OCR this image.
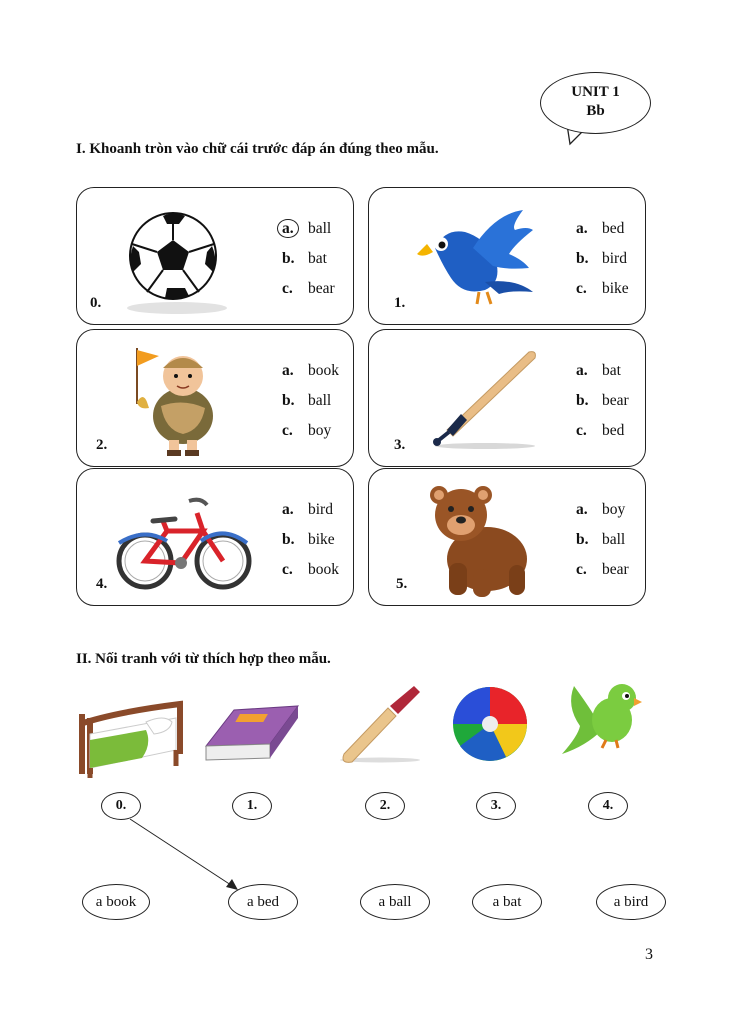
UNIT 1
Bb
I. Khoanh tròn vào chữ cái trước đáp án đúng theo mẫu.
a. ball
b. bat
c. bear
0.
a. bed
b. bird
c. bike
1.
a. book
b. ball
c. boy
2.
a. bat
b. bear
c. bed
3.
a. bird
b. bike
c. book
4.
a. boy
b. ball
c. bear
5.
II. Nối tranh với từ thích hợp theo mẫu.
0.	1.	2.	3.	4.
a book	a bed	a ball	a bat	a bird
3
